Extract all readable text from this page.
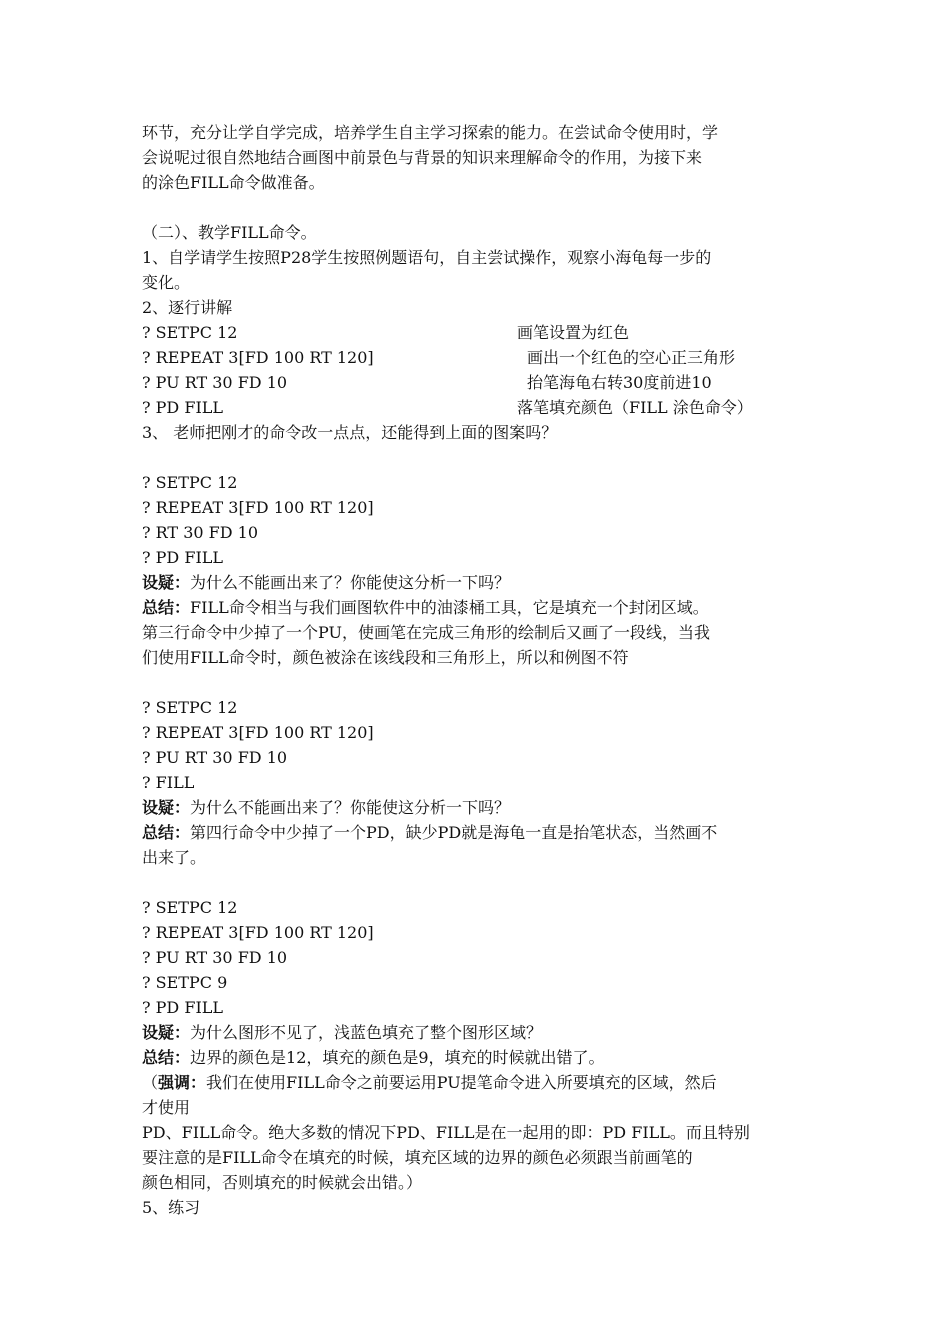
环节，充分让学自学完成，培养学生自主学习探索的能力。在尝试命令使用时，学
会说呢过很自然地结合画图中前景色与背景的知识来理解命令的作用，为接下来
的涂色FILL命令做准备。
（二）、教学FILL命令。
1、自学请学生按照P28学生按照例题语句，自主尝试操作，观察小海龟每一步的
变化。
2、逐行讲解
? SETPC 12	画笔设置为红色
? REPEAT 3[FD 100 RT 120]	画出一个红色的空心正三角形
? PU RT 30 FD 10	抬笔海龟右转30度前进10
? PD FILL	落笔填充颜色（FILL 涂色命令）
3、 老师把刚才的命令改一点点，还能得到上面的图案吗？
? SETPC 12
? REPEAT 3[FD 100 RT 120]
? RT 30 FD 10
? PD FILL
设疑：为什么不能画出来了？你能使这分析一下吗？
总结：FILL命令相当与我们画图软件中的油漆桶工具，它是填充一个封闭区域。
第三行命令中少掉了一个PU，使画笔在完成三角形的绘制后又画了一段线，当我
们使用FILL命令时，颜色被涂在该线段和三角形上，所以和例图不符
? SETPC 12
? REPEAT 3[FD 100 RT 120]
? PU RT 30 FD 10
? FILL
设疑：为什么不能画出来了？你能使这分析一下吗？
总结：第四行命令中少掉了一个PD，缺少PD就是海龟一直是抬笔状态，当然画不
出来了。
? SETPC 12
? REPEAT 3[FD 100 RT 120]
? PU RT 30 FD 10
? SETPC 9
? PD FILL
设疑：为什么图形不见了，浅蓝色填充了整个图形区域？
总结：边界的颜色是12，填充的颜色是9，填充的时候就出错了。
（强调：我们在使用FILL命令之前要运用PU提笔命令进入所要填充的区域，然后
才使用
PD、FILL命令。绝大多数的情况下PD、FILL是在一起用的即：PD FILL。而且特别
要注意的是FILL命令在填充的时候，填充区域的边界的颜色必须跟当前画笔的
颜色相同，否则填充的时候就会出错。）
5、练习
